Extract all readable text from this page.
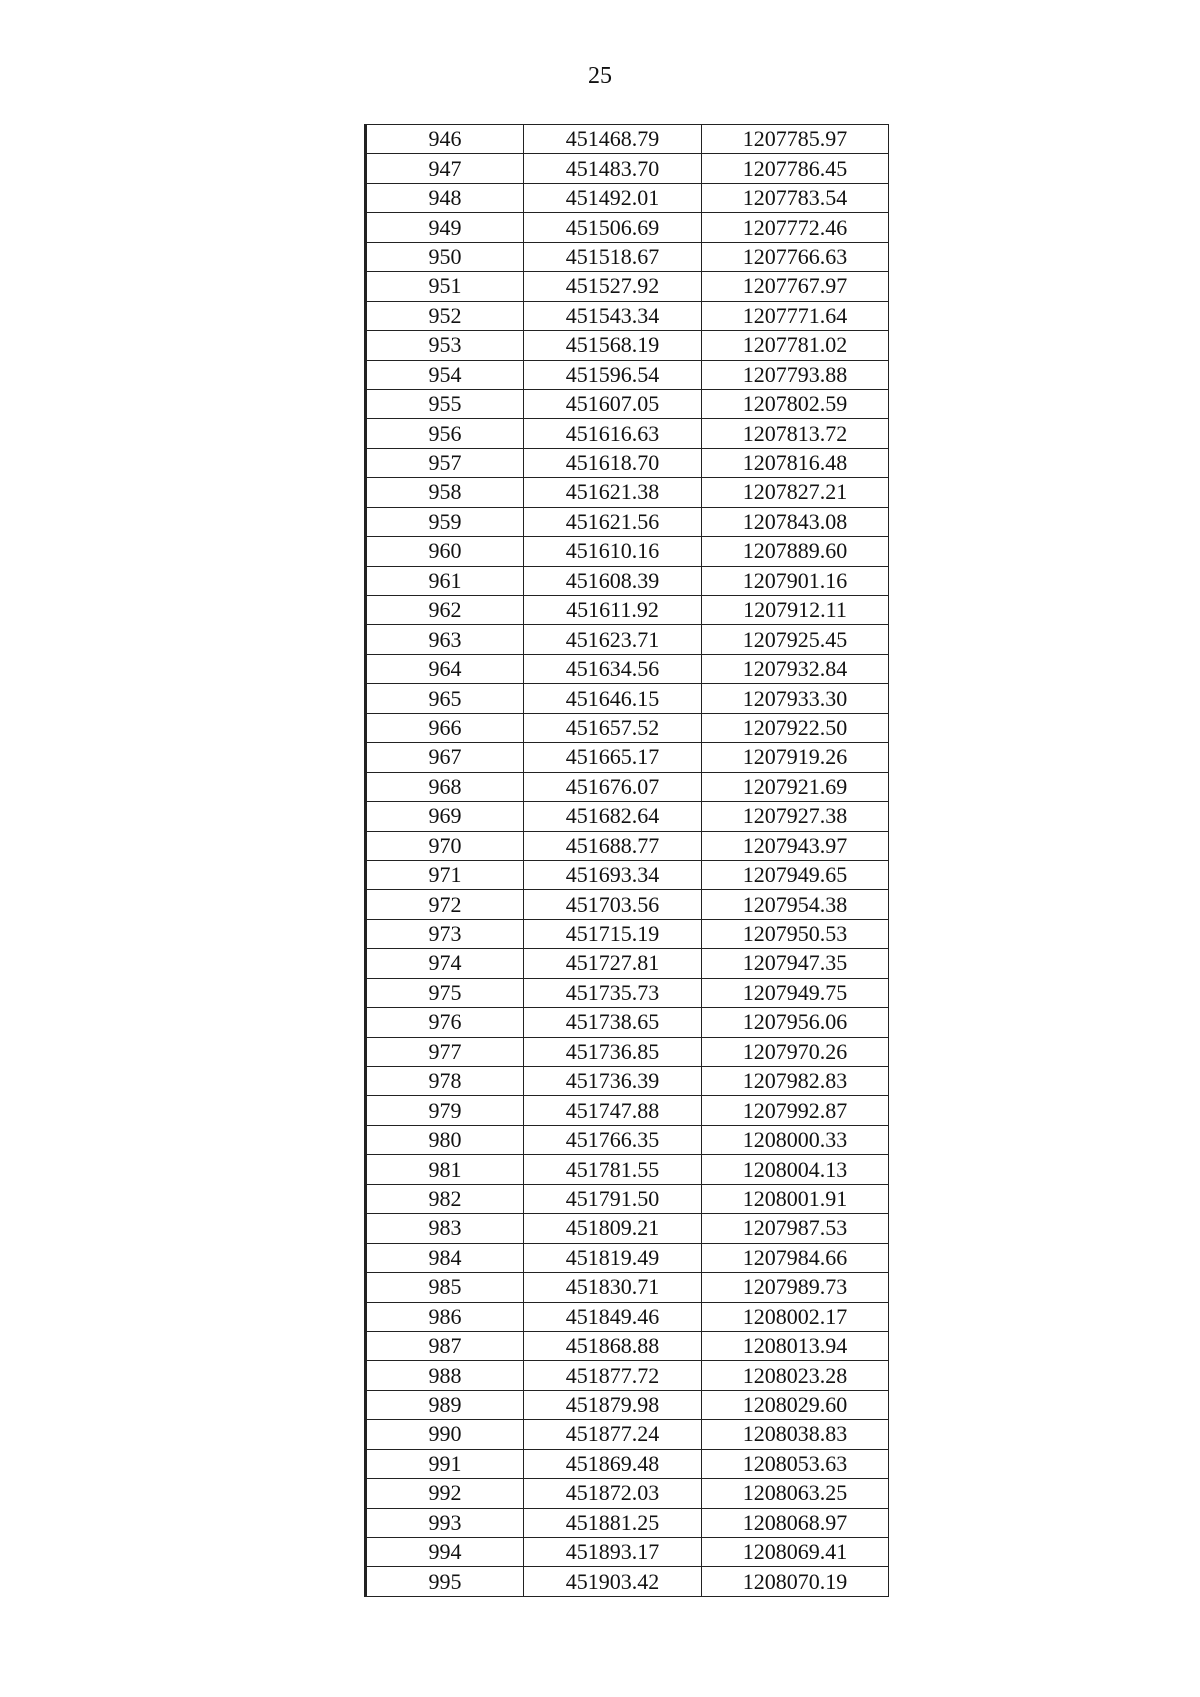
25
946	451468.79	1207785.97
947	451483.70	1207786.45
948	451492.01	1207783.54
949	451506.69	1207772.46
950	451518.67	1207766.63
951	451527.92	1207767.97
952	451543.34	1207771.64
953	451568.19	1207781.02
954	451596.54	1207793.88
955	451607.05	1207802.59
956	451616.63	1207813.72
957	451618.70	1207816.48
958	451621.38	1207827.21
959	451621.56	1207843.08
960	451610.16	1207889.60
961	451608.39	1207901.16
962	451611.92	1207912.11
963	451623.71	1207925.45
964	451634.56	1207932.84
965	451646.15	1207933.30
966	451657.52	1207922.50
967	451665.17	1207919.26
968	451676.07	1207921.69
969	451682.64	1207927.38
970	451688.77	1207943.97
971	451693.34	1207949.65
972	451703.56	1207954.38
973	451715.19	1207950.53
974	451727.81	1207947.35
975	451735.73	1207949.75
976	451738.65	1207956.06
977	451736.85	1207970.26
978	451736.39	1207982.83
979	451747.88	1207992.87
980	451766.35	1208000.33
981	451781.55	1208004.13
982	451791.50	1208001.91
983	451809.21	1207987.53
984	451819.49	1207984.66
985	451830.71	1207989.73
986	451849.46	1208002.17
987	451868.88	1208013.94
988	451877.72	1208023.28
989	451879.98	1208029.60
990	451877.24	1208038.83
991	451869.48	1208053.63
992	451872.03	1208063.25
993	451881.25	1208068.97
994	451893.17	1208069.41
995	451903.42	1208070.19
